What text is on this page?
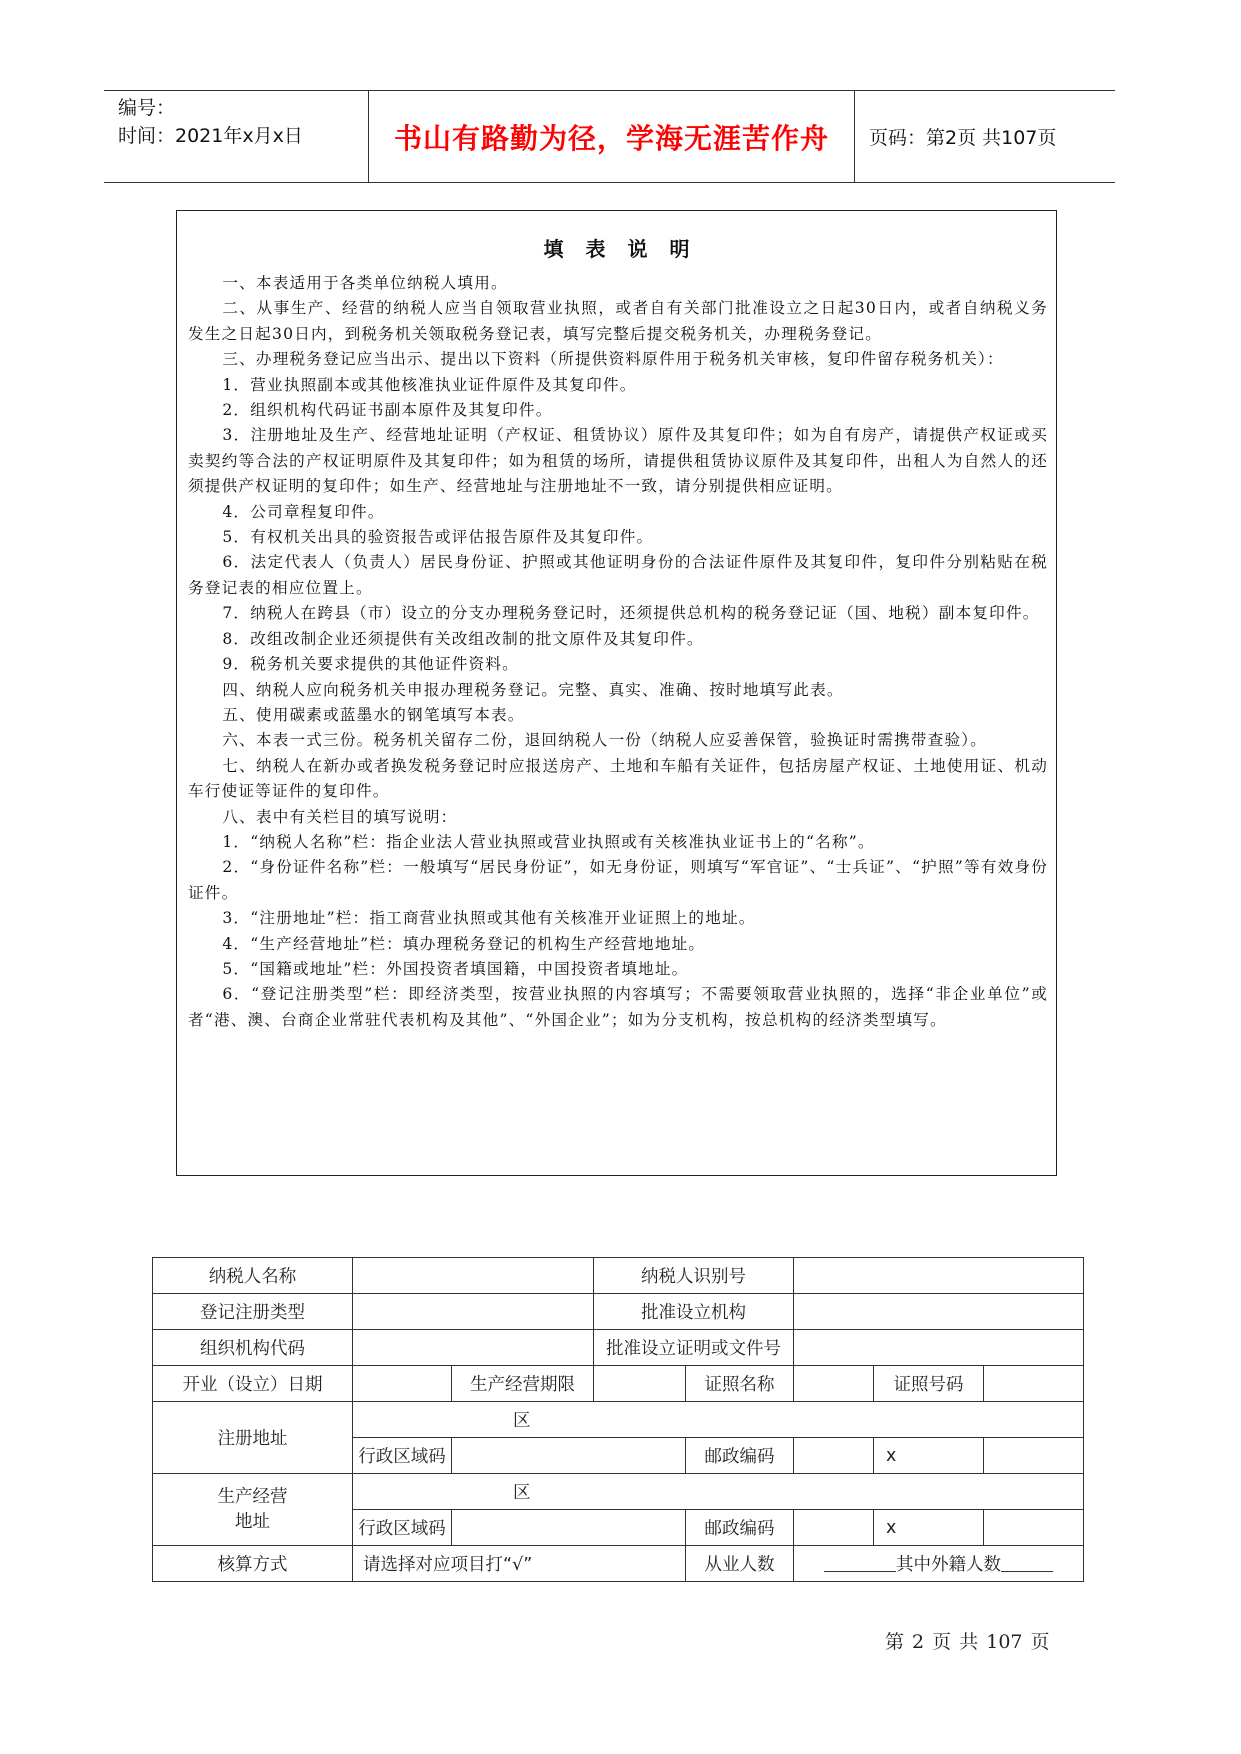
编号：
时间：2021年x月x日	书山有路勤为径，学海无涯苦作舟	页码：第2页 共107页
填表说明

一、本表适用于各类单位纳税人填用。

二、从事生产、经营的纳税人应当自领取营业执照，或者自有关部门批准设立之日起30日内，或者自纳税义务发生之日起30日内，到税务机关领取税务登记表，填写完整后提交税务机关，办理税务登记。

三、办理税务登记应当出示、提出以下资料（所提供资料原件用于税务机关审核，复印件留存税务机关）：

1．营业执照副本或其他核准执业证件原件及其复印件。

2．组织机构代码证书副本原件及其复印件。

3．注册地址及生产、经营地址证明（产权证、租赁协议）原件及其复印件；如为自有房产，请提供产权证或买卖契约等合法的产权证明原件及其复印件；如为租赁的场所，请提供租赁协议原件及其复印件，出租人为自然人的还须提供产权证明的复印件；如生产、经营地址与注册地址不一致，请分别提供相应证明。

4．公司章程复印件。

5．有权机关出具的验资报告或评估报告原件及其复印件。

6．法定代表人（负责人）居民身份证、护照或其他证明身份的合法证件原件及其复印件，复印件分别粘贴在税务登记表的相应位置上。

7．纳税人在跨县（市）设立的分支办理税务登记时，还须提供总机构的税务登记证（国、地税）副本复印件。

8．改组改制企业还须提供有关改组改制的批文原件及其复印件。

9．税务机关要求提供的其他证件资料。

四、纳税人应向税务机关申报办理税务登记。完整、真实、准确、按时地填写此表。

五、使用碳素或蓝墨水的钢笔填写本表。

六、本表一式三份。税务机关留存二份，退回纳税人一份（纳税人应妥善保管，验换证时需携带查验）。

七、纳税人在新办或者换发税务登记时应报送房产、土地和车船有关证件，包括房屋产权证、土地使用证、机动车行使证等证件的复印件。

八、表中有关栏目的填写说明：

1．“纳税人名称”栏：指企业法人营业执照或营业执照或有关核准执业证书上的“名称”。

2．“身份证件名称”栏：一般填写“居民身份证”，如无身份证，则填写“军官证”、“士兵证”、“护照”等有效身份证件。

3．“注册地址”栏：指工商营业执照或其他有关核准开业证照上的地址。

4．“生产经营地址”栏：填办理税务登记的机构生产经营地地址。

5．“国籍或地址”栏：外国投资者填国籍，中国投资者填地址。

6．“登记注册类型”栏：即经济类型，按营业执照的内容填写；不需要领取营业执照的，选择“非企业单位”或者“港、澳、台商企业常驻代表机构及其他”、“外国企业”；如为分支机构，按总机构的经济类型填写。

纳税人名称			纳税人识别号				
登记注册类型			批准设立机构				
组织机构代码			批准设立证明或文件号				
开业（设立）日期		生产经营期限		证照名称		证照号码	
注册地址	区						
	行政区域码			邮政编码		x	

生产经营
地址	区						
	行政区域码			邮政编码		x	
核算方式	请选择对应项目打“√”			从业人数	其中外籍人数		
第 2 页 共 107 页
